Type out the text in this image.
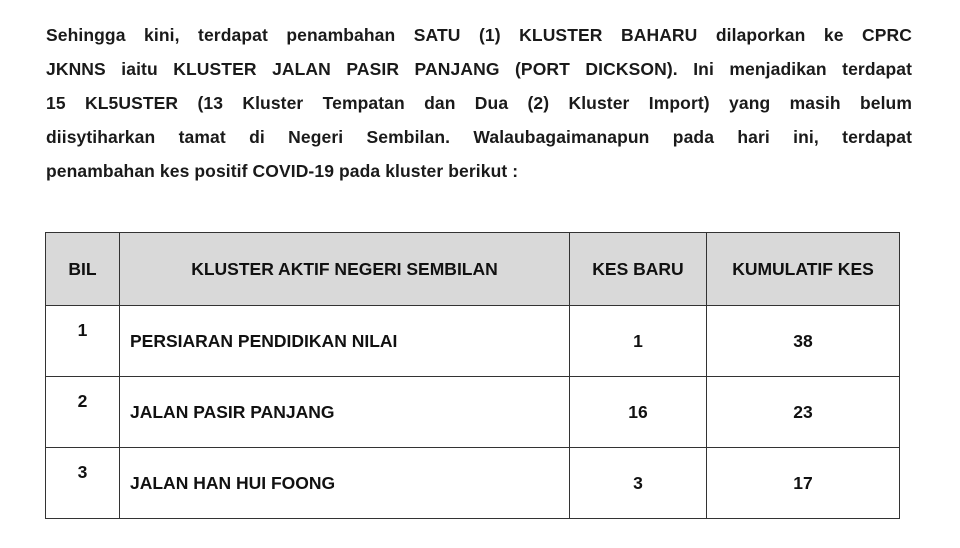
Sehingga kini, terdapat penambahan SATU (1) KLUSTER BAHARU dilaporkan ke CPRC
JKNNS iaitu KLUSTER JALAN PASIR PANJANG (PORT DICKSON). Ini menjadikan terdapat
15 KL5USTER (13 Kluster Tempatan dan Dua (2) Kluster Import) yang masih belum
diisytiharkan tamat di Negeri Sembilan. Walaubagaimanapun pada hari ini, terdapat
penambahan kes positif COVID-19 pada kluster berikut :
BIL	KLUSTER AKTIF NEGERI SEMBILAN	KES BARU	KUMULATIF KES
1	PERSIARAN PENDIDIKAN NILAI	1	38
2	JALAN PASIR PANJANG	16	23
3	JALAN HAN HUI FOONG	3	17
